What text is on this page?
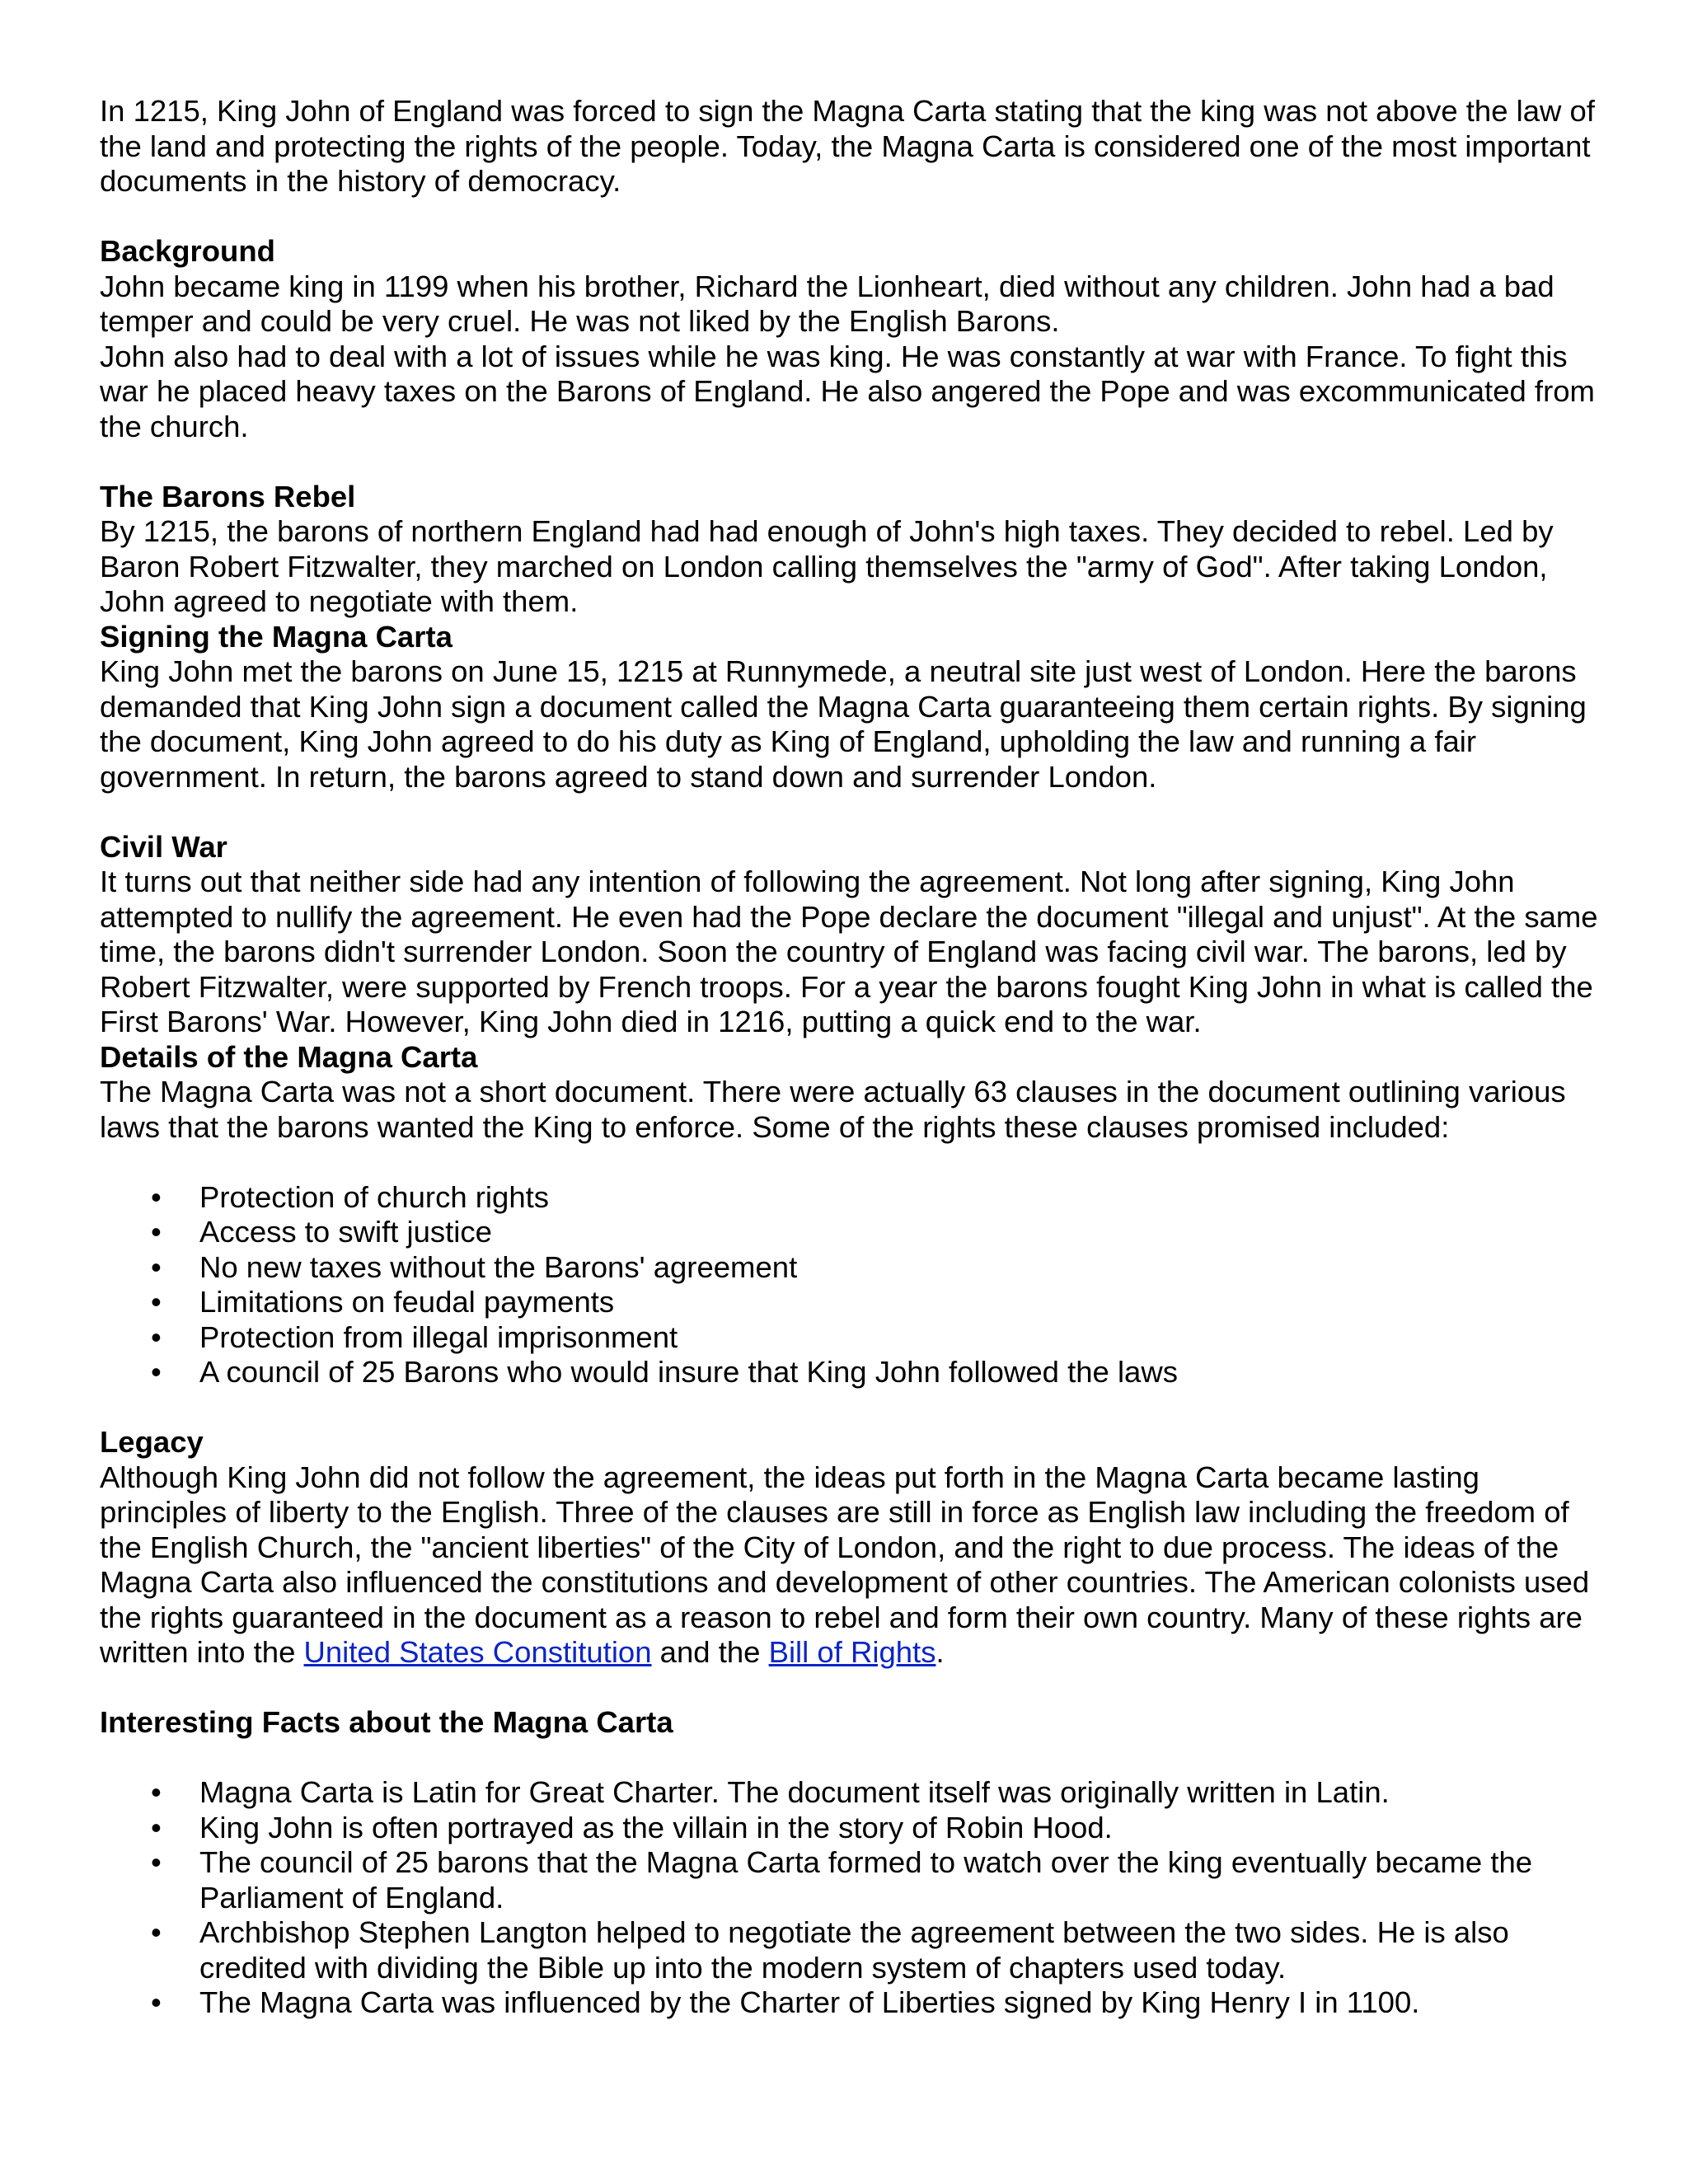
In 1215, King John of England was forced to sign the Magna Carta stating that the king was not above the law of the land and protecting the rights of the people. Today, the Magna Carta is considered one of the most important documents in the history of democracy.

Background

John became king in 1199 when his brother, Richard the Lionheart, died without any children. John had a bad temper and could be very cruel. He was not liked by the English Barons.

John also had to deal with a lot of issues while he was king. He was constantly at war with France. To fight this war he placed heavy taxes on the Barons of England. He also angered the Pope and was excommunicated from the church.

The Barons Rebel

By 1215, the barons of northern England had had enough of John's high taxes. They decided to rebel. Led by Baron Robert Fitzwalter, they marched on London calling themselves the "army of God". After taking London, John agreed to negotiate with them.

Signing the Magna Carta

King John met the barons on June 15, 1215 at Runnymede, a neutral site just west of London. Here the barons demanded that King John sign a document called the Magna Carta guaranteeing them certain rights. By signing the document, King John agreed to do his duty as King of England, upholding the law and running a fair government. In return, the barons agreed to stand down and surrender London.

Civil War

It turns out that neither side had any intention of following the agreement. Not long after signing, King John attempted to nullify the agreement. He even had the Pope declare the document "illegal and unjust". At the same time, the barons didn't surrender London. Soon the country of England was facing civil war. The barons, led by Robert Fitzwalter, were supported by French troops. For a year the barons fought King John in what is called the First Barons' War. However, King John died in 1216, putting a quick end to the war.

Details of the Magna Carta

The Magna Carta was not a short document. There were actually 63 clauses in the document outlining various laws that the barons wanted the King to enforce. Some of the rights these clauses promised included:

• Protection of church rights
• Access to swift justice
• No new taxes without the Barons' agreement
• Limitations on feudal payments
• Protection from illegal imprisonment
• A council of 25 Barons who would insure that King John followed the laws

Legacy

Although King John did not follow the agreement, the ideas put forth in the Magna Carta became lasting principles of liberty to the English. Three of the clauses are still in force as English law including the freedom of the English Church, the "ancient liberties" of the City of London, and the right to due process. The ideas of the Magna Carta also influenced the constitutions and development of other countries. The American colonists used the rights guaranteed in the document as a reason to rebel and form their own country. Many of these rights are written into the United States Constitution and the Bill of Rights.

Interesting Facts about the Magna Carta

• Magna Carta is Latin for Great Charter. The document itself was originally written in Latin.
• King John is often portrayed as the villain in the story of Robin Hood.
• The council of 25 barons that the Magna Carta formed to watch over the king eventually became the Parliament of England.
• Archbishop Stephen Langton helped to negotiate the agreement between the two sides. He is also credited with dividing the Bible up into the modern system of chapters used today.
• The Magna Carta was influenced by the Charter of Liberties signed by King Henry I in 1100.
